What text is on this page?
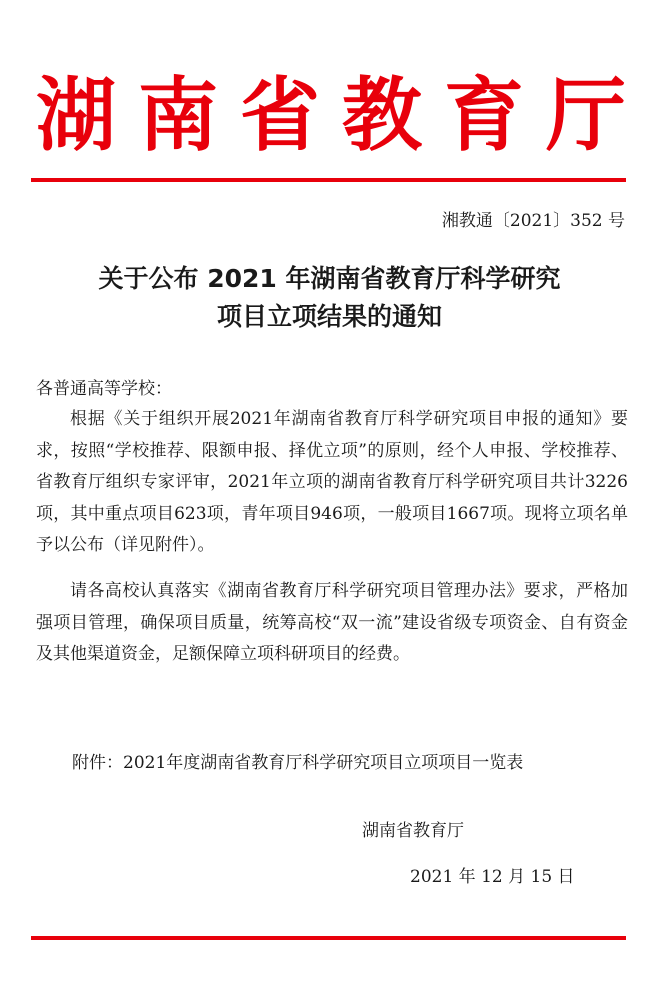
湖 南 省 教 育 厅
湘教通〔2021〕352 号
关于公布 2021 年湖南省教育厅科学研究
项目立项结果的通知
各普通高等学校：
根据《关于组织开展2021年湖南省教育厅科学研究项目申报的通知》要求，按照“学校推荐、限额申报、择优立项”的原则，经个人申报、学校推荐、省教育厅组织专家评审，2021年立项的湖南省教育厅科学研究项目共计3226项，其中重点项目623项，青年项目946项，一般项目1667项。现将立项名单予以公布（详见附件）。
请各高校认真落实《湖南省教育厅科学研究项目管理办法》要求，严格加强项目管理，确保项目质量，统筹高校“双一流”建设省级专项资金、自有资金及其他渠道资金，足额保障立项科研项目的经费。
附件：2021年度湖南省教育厅科学研究项目立项项目一览表
湖南省教育厅
2021 年 12 月 15 日
